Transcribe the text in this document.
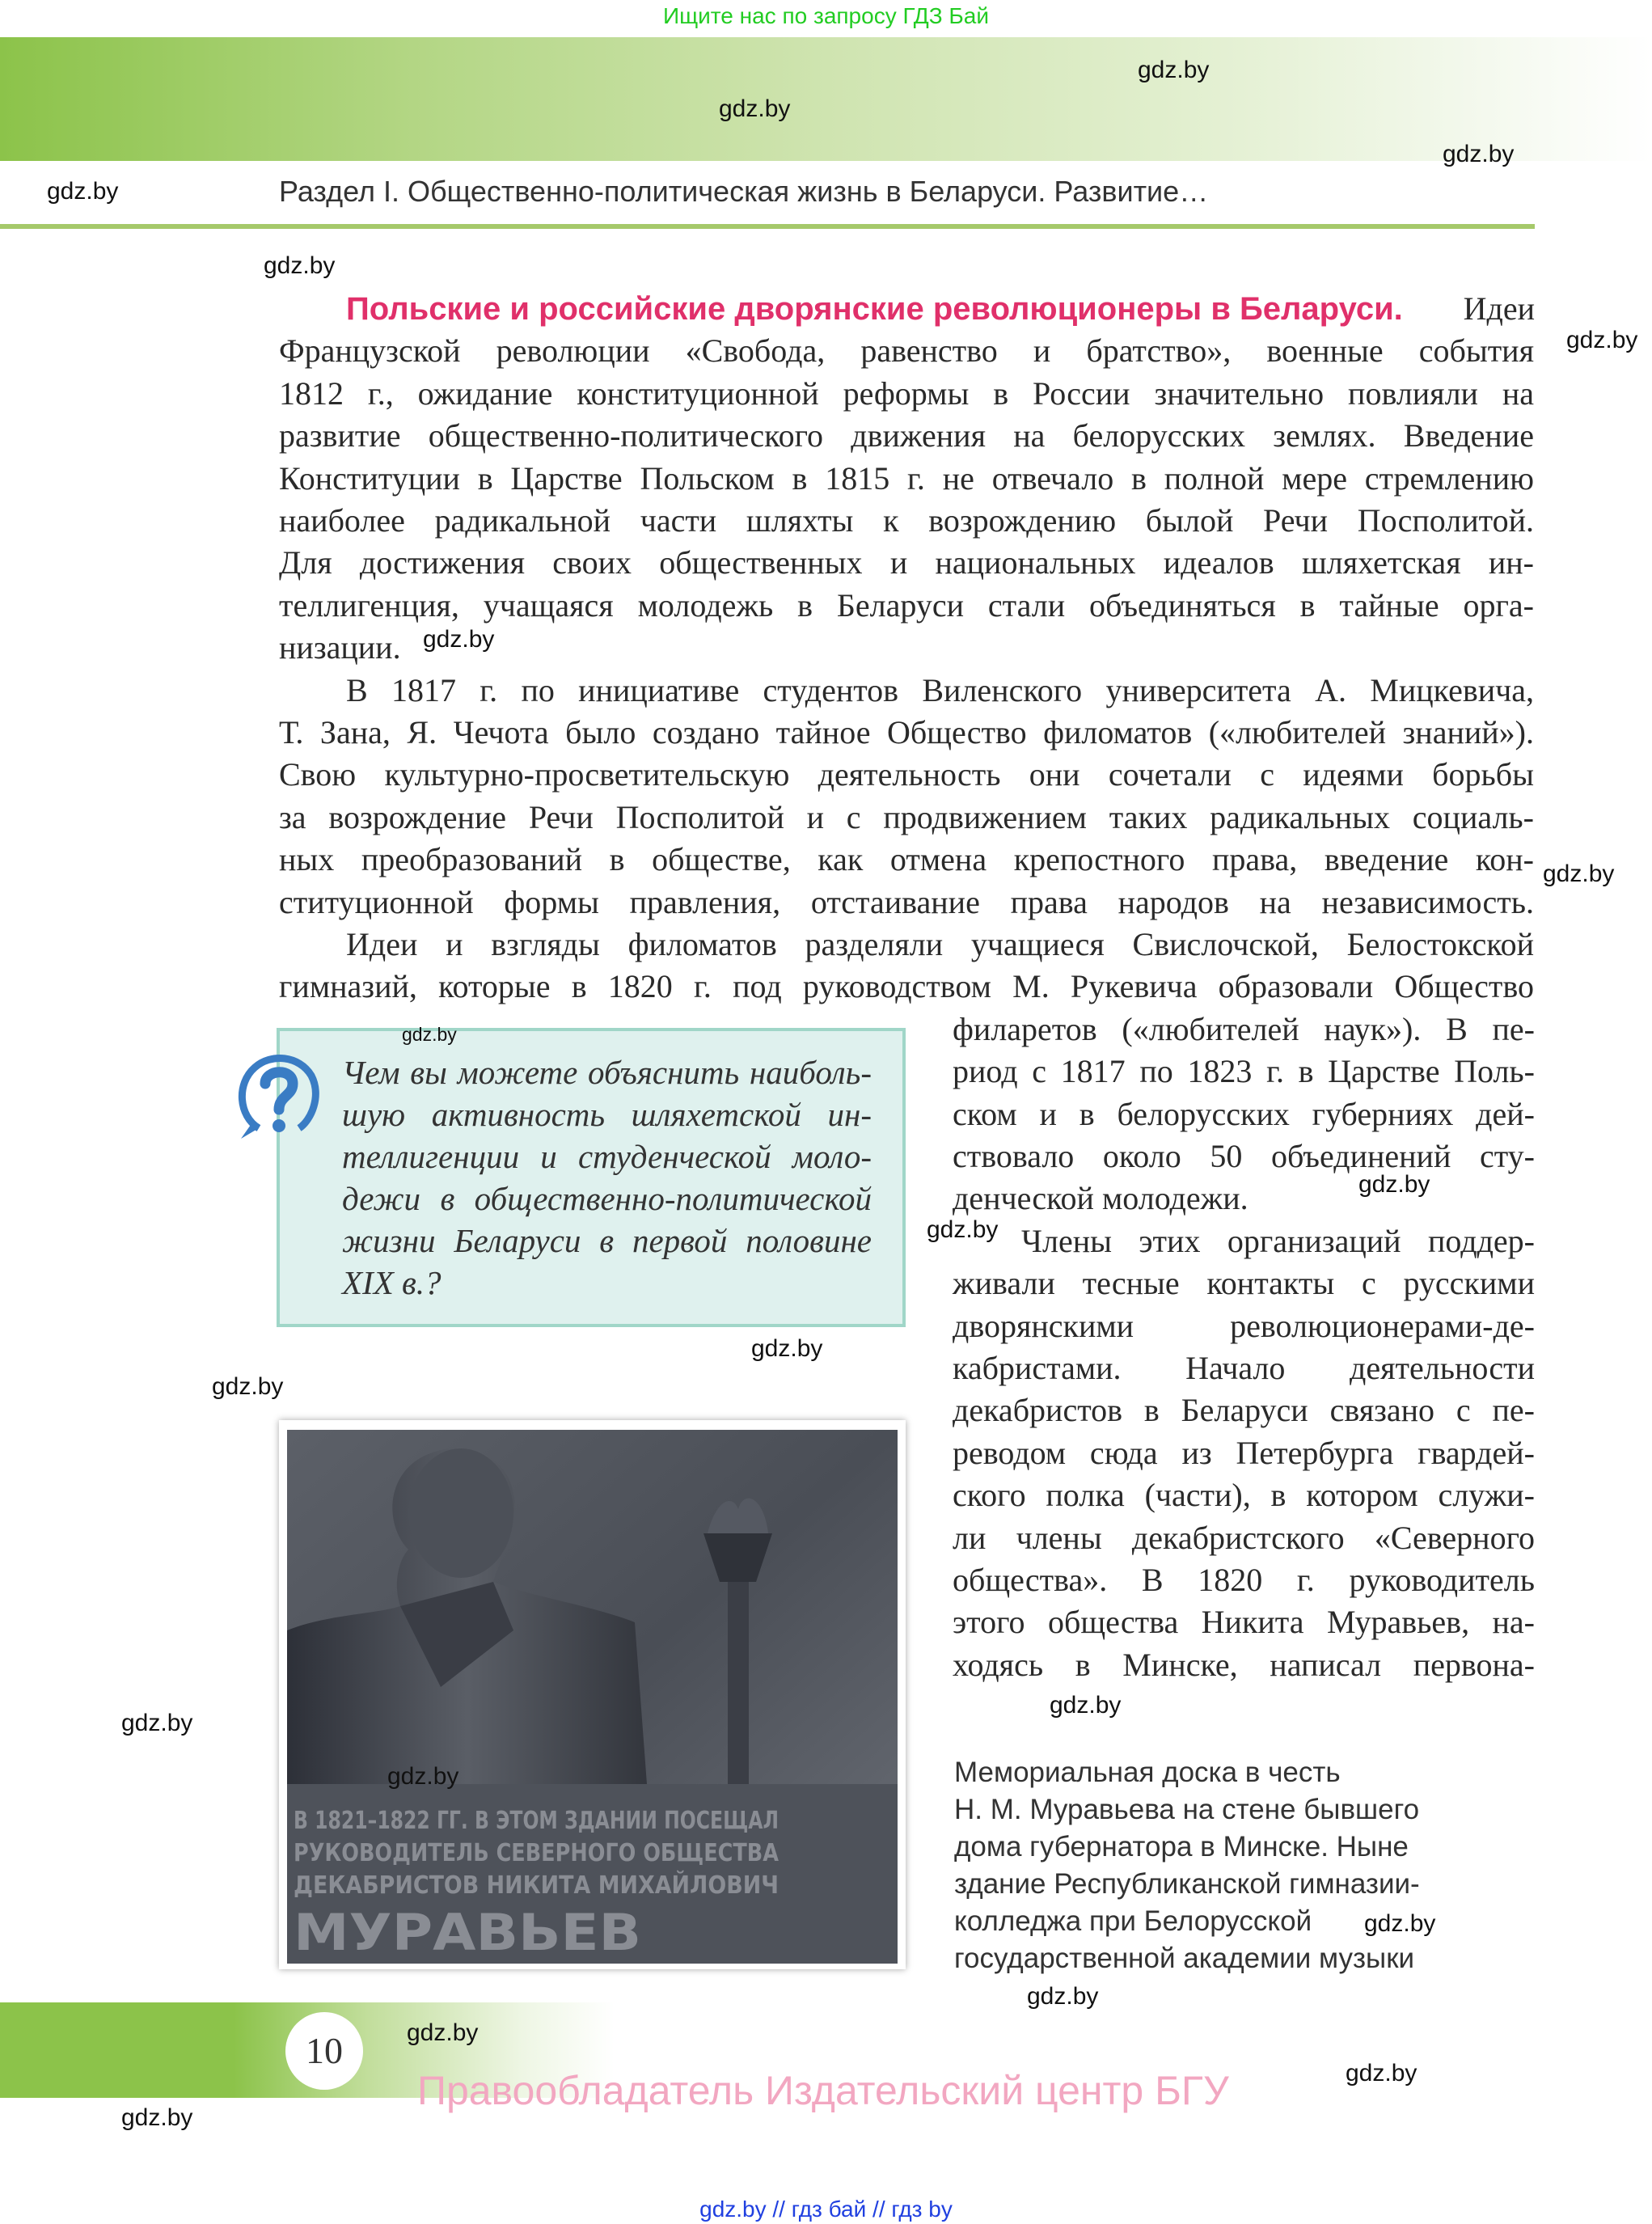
Ищите нас по запросу ГДЗ Бай
Раздел I. Общественно-политическая жизнь в Беларуси. Развитие…
Польские и российские дворянские революционеры в Беларуси. Идеи
Французской революции «Свобода, равенство и братство», военные события
1812 г., ожидание конституционной реформы в России значительно повлияли на
развитие общественно-политического движения на белорусских землях. Введение
Конституции в Царстве Польском в 1815 г. не отвечало в полной мере стремлению
наиболее радикальной части шляхты к возрождению былой Речи Посполитой.
Для достижения своих общественных и национальных идеалов шляхетская ин-
теллигенция, учащаяся молодежь в Беларуси стали объединяться в тайные орга-
низации.
В 1817 г. по инициативе студентов Виленского университета А. Мицкевича,
Т. Зана, Я. Чечота было создано тайное Общество филоматов («любителей знаний»).
Свою культурно-просветительскую деятельность они сочетали с идеями борьбы
за возрождение Речи Посполитой и с продвижением таких радикальных социаль-
ных преобразований в обществе, как отмена крепостного права, введение кон-
ституционной формы правления, отстаивание права народов на независимость.
Идеи и взгляды филоматов разделяли учащиеся Свислочской, Белостокской
гимназий, которые в 1820 г. под руководством М. Рукевича образовали Общество
филаретов («любителей наук»). В пе-
риод с 1817 по 1823 г. в Царстве Поль-
ском и в белорусских губерниях дей-
ствовало около 50 объединений сту-
денческой молодежи.
Члены этих организаций поддер-
живали тесные контакты с русскими
дворянскими революционерами-де-
кабристами. Начало деятельности
декабристов в Беларуси связано с пе-
реводом сюда из Петербурга гвардей-
ского полка (части), в котором служи-
ли члены декабристского «Северного
общества». В 1820 г. руководитель
этого общества Никита Муравьев, на-
ходясь в Минске, написал первона-
В 1821–1822 ГГ. В ЭТОМ ЗДАНИИ ПОСЕЩАЛ
РУКОВОДИТЕЛЬ СЕВЕРНОГО ОБЩЕСТВА
ДЕКАБРИСТОВ НИКИТА МИХАЙЛОВИЧ
МУРАВЬЕВ
Мемориальная доска в честь
Н. М. Муравьева на стене бывшего
дома губернатора в Минске. Ныне
здание Республиканской гимназии-
колледжа при Белорусской
государственной академии музыки
10
Правообладатель Издательский центр БГУ
gdz.by // гдз бай // гдз by
gdz.by
gdz.by
gdz.by
gdz.by
gdz.by
gdz.by
gdz.by
gdz.by
gdz.by
gdz.by
gdz.by
gdz.by
gdz.by
gdz.by
gdz.by
gdz.by
gdz.by
gdz.by
gdz.by
gdz.by
gdz.by
Чем вы можете объяснить наиболь-
шую активность шляхетской ин-
теллигенции и студенческой моло-
дежи в общественно-политической
жизни Беларуси в первой половине
XIX в.?
